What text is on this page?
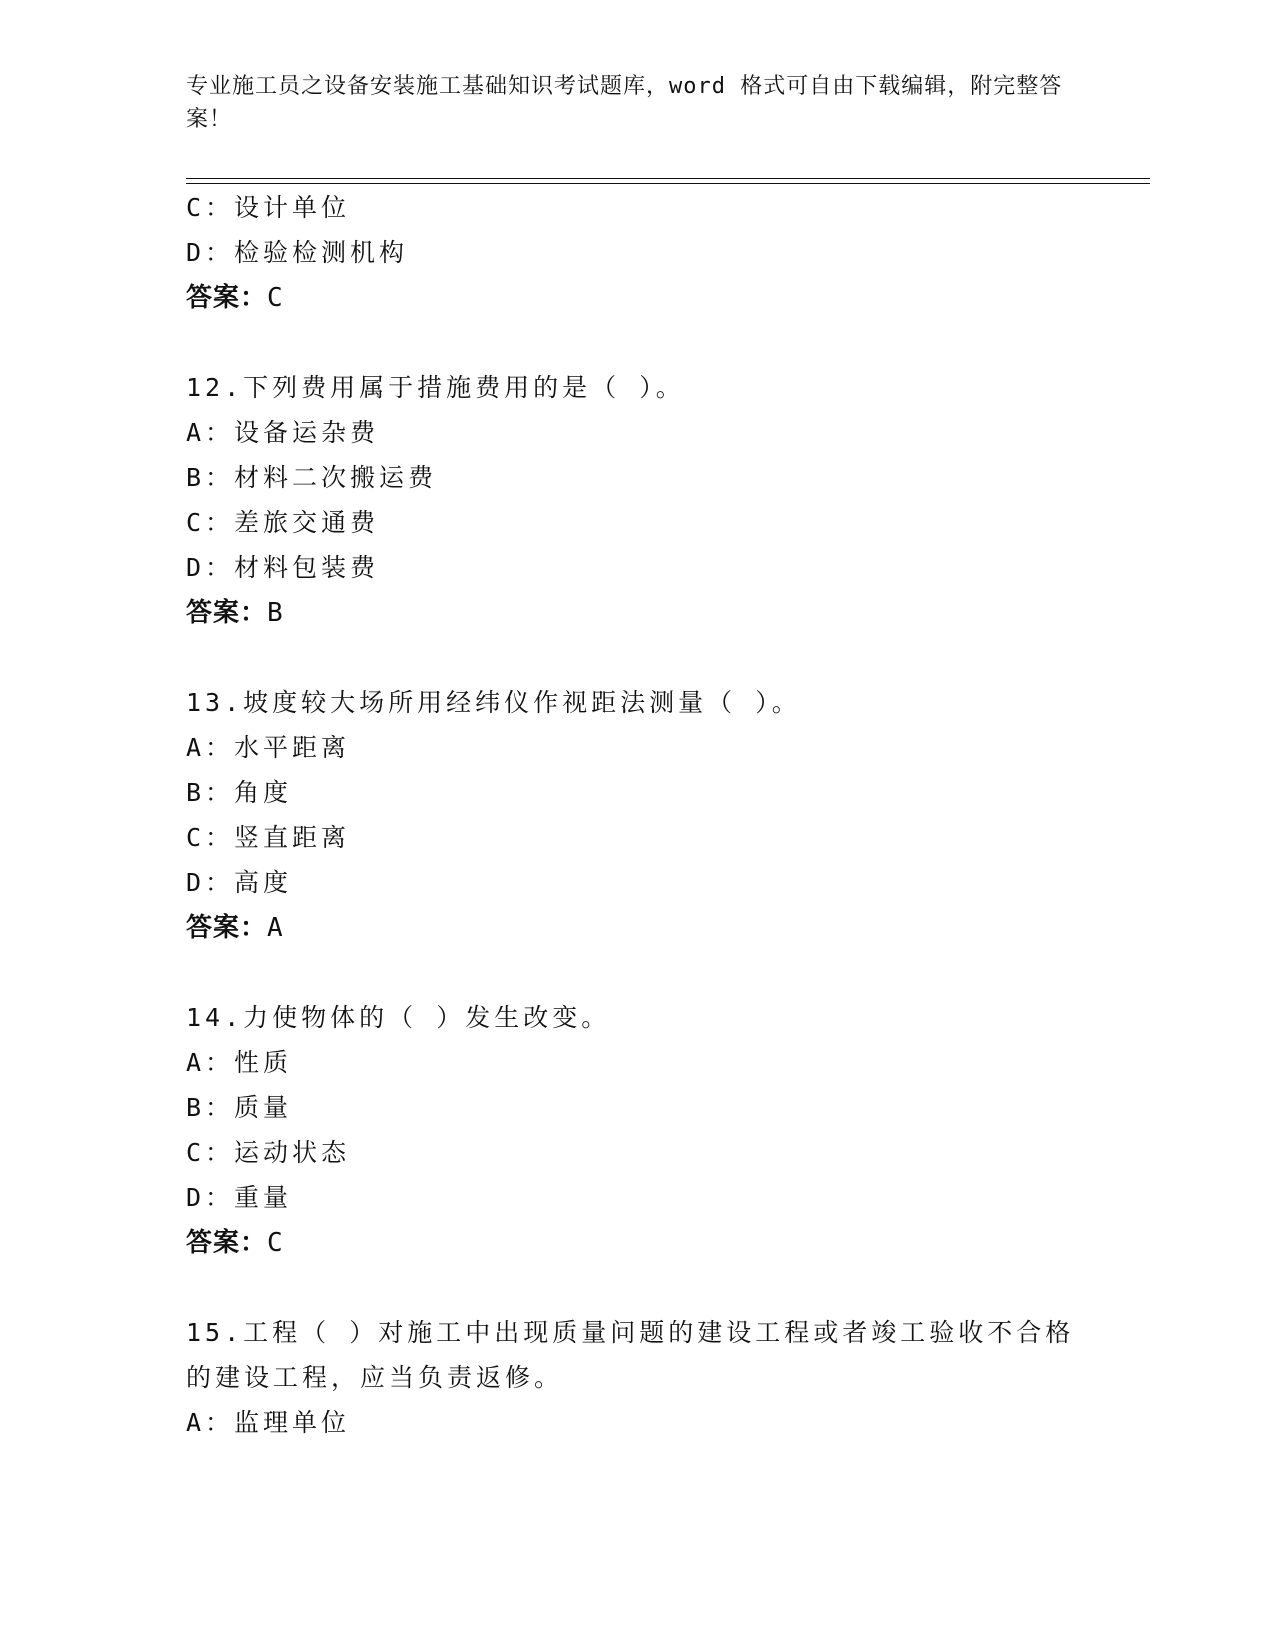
专业施工员之设备安装施工基础知识考试题库，word 格式可自由下载编辑，附完整答案！
C：设计单位
D：检验检测机构
答案：C
12.下列费用属于措施费用的是（ ）。
A：设备运杂费
B：材料二次搬运费
C：差旅交通费
D：材料包装费
答案：B
13.坡度较大场所用经纬仪作视距法测量（ ）。
A：水平距离
B：角度
C：竖直距离
D：高度
答案：A
14.力使物体的（ ）发生改变。
A：性质
B：质量
C：运动状态
D：重量
答案：C
15.工程（ ）对施工中出现质量问题的建设工程或者竣工验收不合格
的建设工程，应当负责返修。
A：监理单位
